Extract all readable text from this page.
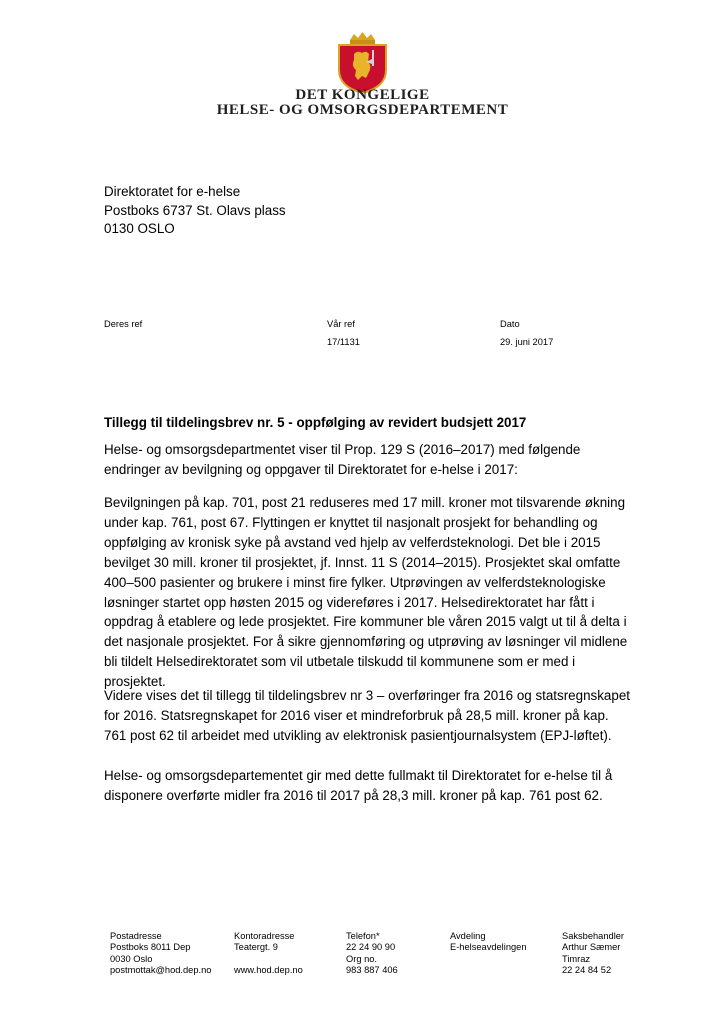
DET KONGELIGE
HELSE- OG OMSORGSDEPARTEMENT
Direktoratet for e-helse
Postboks 6737 St. Olavs plass
0130 OSLO
Deres ref	Vår ref
17/1131
Dato
29. juni 2017
Tillegg til tildelingsbrev nr. 5 - oppfølging av revidert budsjett 2017
Helse- og omsorgsdepartmentet viser til Prop. 129 S (2016–2017) med følgende
endringer av bevilgning og oppgaver til Direktoratet for e-helse i 2017:
Bevilgningen på kap. 701, post 21 reduseres med 17 mill. kroner mot tilsvarende økning
under kap. 761, post 67. Flyttingen er knyttet til nasjonalt prosjekt for behandling og
oppfølging av kronisk syke på avstand ved hjelp av velferdsteknologi. Det ble i 2015
bevilget 30 mill. kroner til prosjektet, jf. Innst. 11 S (2014–2015). Prosjektet skal omfatte
400–500 pasienter og brukere i minst fire fylker. Utprøvingen av velferdsteknologiske
løsninger startet opp høsten 2015 og videreføres i 2017. Helsedirektoratet har fått i
oppdrag å etablere og lede prosjektet. Fire kommuner ble våren 2015 valgt ut til å delta i
det nasjonale prosjektet. For å sikre gjennomføring og utprøving av løsninger vil midlene
bli tildelt Helsedirektoratet som vil utbetale tilskudd til kommunene som er med i
prosjektet.
Videre vises det til tillegg til tildelingsbrev nr 3 – overføringer fra 2016 og statsregnskapet
for 2016. Statsregnskapet for 2016 viser et mindreforbruk på 28,5 mill. kroner på kap.
761 post 62 til arbeidet med utvikling av elektronisk pasientjournalsystem (EPJ-løftet).
Helse- og omsorgsdepartementet gir med dette fullmakt til Direktoratet for e-helse til å
disponere overførte midler fra 2016 til 2017 på 28,3 mill. kroner på kap. 761 post 62.
Postadresse
Postboks 8011 Dep
0030 Oslo
postmottak@hod.dep.no
Kontoradresse
Teatergt. 9

www.hod.dep.no
Telefon*
22 24 90 90
Org no.
983 887 406
Avdeling
E-helseavdelingen
Saksbehandler
Arthur Sæmer
Timraz
22 24 84 52
